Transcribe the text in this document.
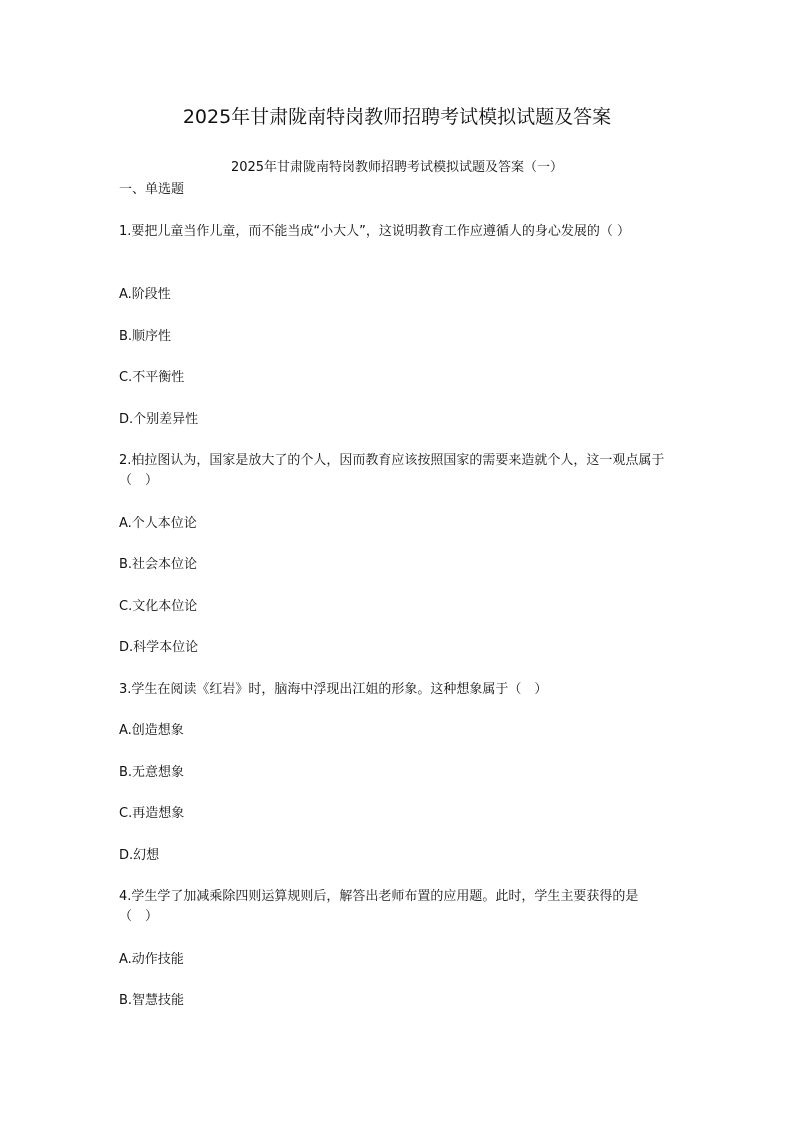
2025年甘肃陇南特岗教师招聘考试模拟试题及答案
2025年甘肃陇南特岗教师招聘考试模拟试题及答案（一）
一、单选题
1.要把儿童当作儿童，而不能当成“小大人”，这说明教育工作应遵循人的身心发展的（ ）
A.阶段性
B.顺序性
C.不平衡性
D.个别差异性
2.柏拉图认为，国家是放大了的个人，因而教育应该按照国家的需要来造就个人，这一观点属于（　）
A.个人本位论
B.社会本位论
C.文化本位论
D.科学本位论
3.学生在阅读《红岩》时，脑海中浮现出江姐的形象。这种想象属于（　）
A.创造想象
B.无意想象
C.再造想象
D.幻想
4.学生学了加减乘除四则运算规则后，解答出老师布置的应用题。此时，学生主要获得的是（　）
A.动作技能
B.智慧技能
